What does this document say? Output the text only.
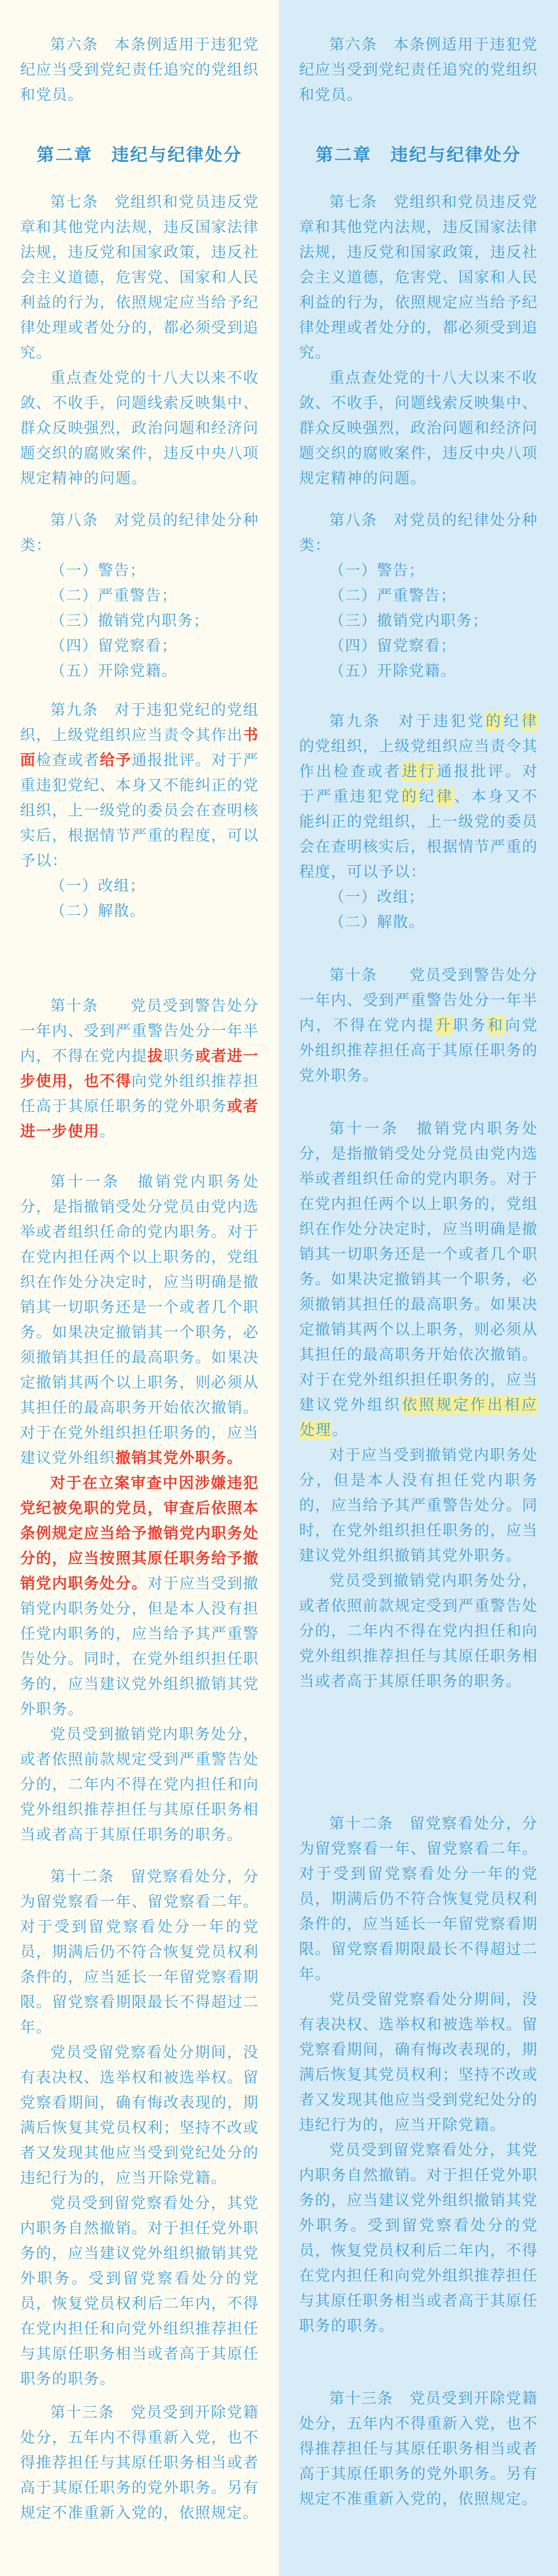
第六条　本条例适用于违犯党纪应当受到党纪责任追究的党组织和党员。

第二章　违纪与纪律处分

第七条　党组织和党员违反党章和其他党内法规，违反国家法律法规，违反党和国家政策，违反社会主义道德，危害党、国家和人民利益的行为，依照规定应当给予纪律处理或者处分的，都必须受到追究。

重点查处党的十八大以来不收敛、不收手，问题线索反映集中、群众反映强烈，政治问题和经济问题交织的腐败案件，违反中央八项规定精神的问题。

第八条　对党员的纪律处分种类：

（一）警告；

（二）严重警告；

（三）撤销党内职务；

（四）留党察看；

（五）开除党籍。

第九条　对于违犯党纪的党组织，上级党组织应当责令其作出书面检查或者给予通报批评。对于严重违犯党纪、本身又不能纠正的党组织，上一级党的委员会在查明核实后，根据情节严重的程度，可以予以：

（一）改组；

（二）解散。

第十条　　党员受到警告处分一年内、受到严重警告处分一年半内，不得在党内提拔职务或者进一步使用，也不得向党外组织推荐担任高于其原任职务的党外职务或者进一步使用。

第十一条　撤销党内职务处分，是指撤销受处分党员由党内选举或者组织任命的党内职务。对于在党内担任两个以上职务的，党组织在作处分决定时，应当明确是撤销其一切职务还是一个或者几个职务。如果决定撤销其一个职务，必须撤销其担任的最高职务。如果决定撤销其两个以上职务，则必须从其担任的最高职务开始依次撤销。对于在党外组织担任职务的，应当建议党外组织撤销其党外职务。

对于在立案审查中因涉嫌违犯党纪被免职的党员，审查后依照本条例规定应当给予撤销党内职务处分的，应当按照其原任职务给予撤销党内职务处分。对于应当受到撤销党内职务处分，但是本人没有担任党内职务的，应当给予其严重警告处分。同时，在党外组织担任职务的，应当建议党外组织撤销其党外职务。

党员受到撤销党内职务处分，或者依照前款规定受到严重警告处分的，二年内不得在党内担任和向党外组织推荐担任与其原任职务相当或者高于其原任职务的职务。

第十二条　留党察看处分，分为留党察看一年、留党察看二年。对于受到留党察看处分一年的党员，期满后仍不符合恢复党员权利条件的，应当延长一年留党察看期限。留党察看期限最长不得超过二年。

党员受留党察看处分期间，没有表决权、选举权和被选举权。留党察看期间，确有悔改表现的，期满后恢复其党员权利；坚持不改或者又发现其他应当受到党纪处分的违纪行为的，应当开除党籍。

党员受到留党察看处分，其党内职务自然撤销。对于担任党外职务的，应当建议党外组织撤销其党外职务。受到留党察看处分的党员，恢复党员权利后二年内，不得在党内担任和向党外组织推荐担任与其原任职务相当或者高于其原任职务的职务。

第十三条　党员受到开除党籍处分，五年内不得重新入党，也不得推荐担任与其原任职务相当或者高于其原任职务的党外职务。另有规定不准重新入党的，依照规定。

第六条　本条例适用于违犯党纪应当受到党纪责任追究的党组织和党员。

第二章　违纪与纪律处分

第七条　党组织和党员违反党章和其他党内法规，违反国家法律法规，违反党和国家政策，违反社会主义道德，危害党、国家和人民利益的行为，依照规定应当给予纪律处理或者处分的，都必须受到追究。

重点查处党的十八大以来不收敛、不收手，问题线索反映集中、群众反映强烈，政治问题和经济问题交织的腐败案件，违反中央八项规定精神的问题。

第八条　对党员的纪律处分种类：

（一）警告；

（二）严重警告；

（三）撤销党内职务；

（四）留党察看；

（五）开除党籍。

第九条　对于违犯党的纪律的党组织，上级党组织应当责令其作出检查或者进行通报批评。对于严重违犯党的纪律、本身又不能纠正的党组织，上一级党的委员会在查明核实后，根据情节严重的程度，可以予以：

（一）改组；

（二）解散。

第十条　　党员受到警告处分一年内、受到严重警告处分一年半内，不得在党内提升职务和向党外组织推荐担任高于其原任职务的党外职务。

第十一条　撤销党内职务处分，是指撤销受处分党员由党内选举或者组织任命的党内职务。对于在党内担任两个以上职务的，党组织在作处分决定时，应当明确是撤销其一切职务还是一个或者几个职务。如果决定撤销其一个职务，必须撤销其担任的最高职务。如果决定撤销其两个以上职务，则必须从其担任的最高职务开始依次撤销。对于在党外组织担任职务的，应当建议党外组织依照规定作出相应处理。

对于应当受到撤销党内职务处分，但是本人没有担任党内职务的，应当给予其严重警告处分。同时，在党外组织担任职务的，应当建议党外组织撤销其党外职务。

党员受到撤销党内职务处分，或者依照前款规定受到严重警告处分的，二年内不得在党内担任和向党外组织推荐担任与其原任职务相当或者高于其原任职务的职务。

第十二条　留党察看处分，分为留党察看一年、留党察看二年。对于受到留党察看处分一年的党员，期满后仍不符合恢复党员权利条件的，应当延长一年留党察看期限。留党察看期限最长不得超过二年。

党员受留党察看处分期间，没有表决权、选举权和被选举权。留党察看期间，确有悔改表现的，期满后恢复其党员权利；坚持不改或者又发现其他应当受到党纪处分的违纪行为的，应当开除党籍。

党员受到留党察看处分，其党内职务自然撤销。对于担任党外职务的，应当建议党外组织撤销其党外职务。受到留党察看处分的党员，恢复党员权利后二年内，不得在党内担任和向党外组织推荐担任与其原任职务相当或者高于其原任职务的职务。

第十三条　党员受到开除党籍处分，五年内不得重新入党，也不得推荐担任与其原任职务相当或者高于其原任职务的党外职务。另有规定不准重新入党的，依照规定。
